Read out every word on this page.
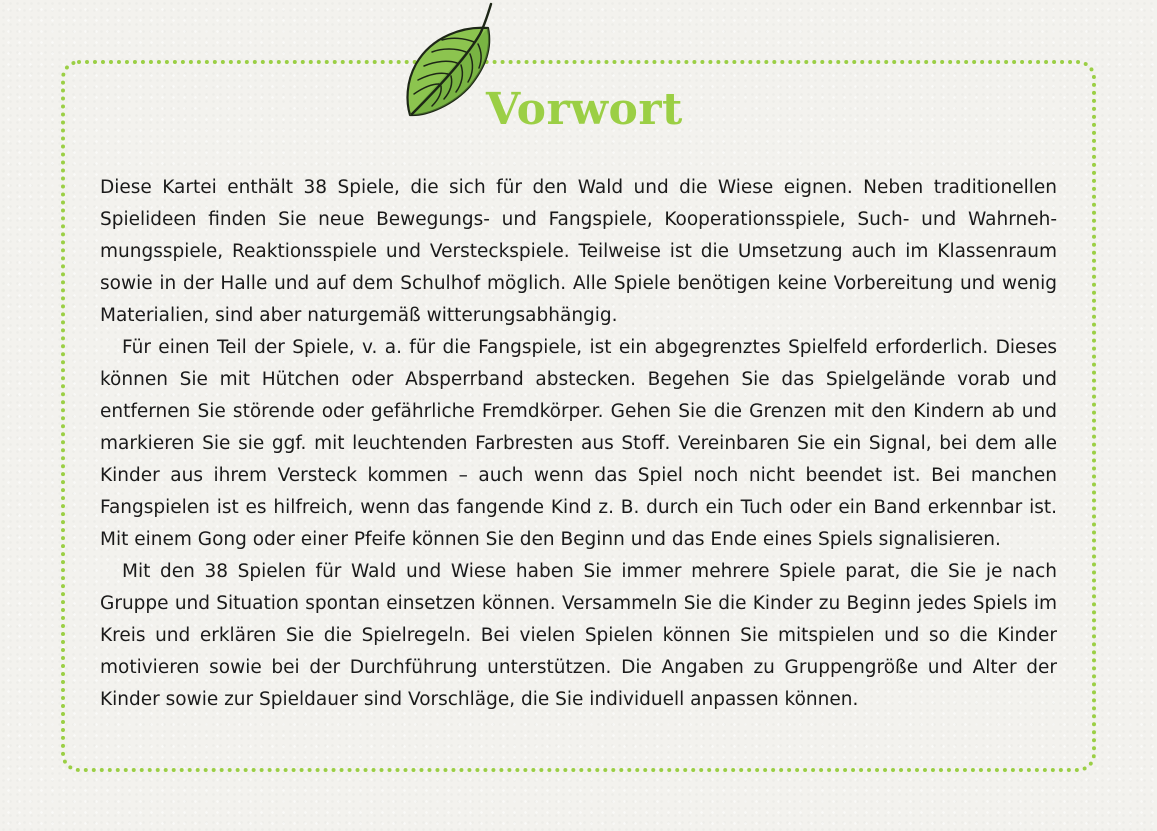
Vorwort

Diese Kartei enthält 38 Spiele, die sich für den Wald und die Wiese eignen. Neben traditionellen Spielideen finden Sie neue Bewegungs- und Fangspiele, Kooperationsspiele, Such- und Wahrnehmungsspiele, Reaktionsspiele und Versteckspiele. Teilweise ist die Umsetzung auch im Klassenraum sowie in der Halle und auf dem Schulhof möglich. Alle Spiele benötigen keine Vorbereitung und wenig Materialien, sind aber naturgemäß witterungsabhängig.

Für einen Teil der Spiele, v. a. für die Fangspiele, ist ein abgegrenztes Spielfeld erforderlich. Dieses können Sie mit Hütchen oder Absperrband abstecken. Begehen Sie das Spielgelände vorab und entfernen Sie störende oder gefährliche Fremdkörper. Gehen Sie die Grenzen mit den Kindern ab und markieren Sie sie ggf. mit leuchtenden Farbresten aus Stoff. Vereinbaren Sie ein Signal, bei dem alle Kinder aus ihrem Versteck kommen – auch wenn das Spiel noch nicht beendet ist. Bei manchen Fangspielen ist es hilfreich, wenn das fangende Kind z. B. durch ein Tuch oder ein Band erkennbar ist. Mit einem Gong oder einer Pfeife können Sie den Beginn und das Ende eines Spiels signalisieren.

Mit den 38 Spielen für Wald und Wiese haben Sie immer mehrere Spiele parat, die Sie je nach Gruppe und Situation spontan einsetzen können. Versammeln Sie die Kinder zu Beginn jedes Spiels im Kreis und erklären Sie die Spielregeln. Bei vielen Spielen können Sie mitspielen und so die Kinder motivieren sowie bei der Durchführung unterstützen. Die Angaben zu Gruppengröße und Alter der Kinder sowie zur Spieldauer sind Vorschläge, die Sie individuell anpassen können.
